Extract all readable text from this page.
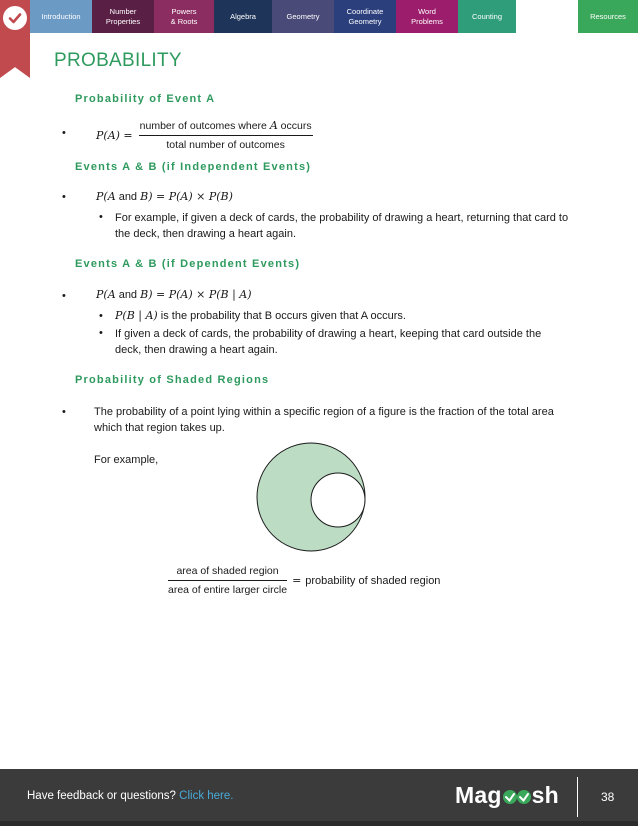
Introduction
Number
Properties
Powers
& Roots
Algebra	Geometry
Coordinate
Geometry
Word
Problems
Counting	Resources
PROBABILITY
Probability of Event A
•	$P(A) = \frac{\text{number of outcomes where A occurs}}{\text{total number of outcomes}}$
Events A & B (if Independent Events)
•	P(A and B) = P(A) × P(B)
• For example, if given a deck of cards, the probability of drawing a heart, returning that card to the deck, then drawing a heart again.
Events A & B (if Dependent Events)
•	P(A and B) = P(A) × P(B | A)
• P(B | A) is the probability that B occurs given that A occurs.
• If given a deck of cards, the probability of drawing a heart, keeping that card outside the deck, then drawing a heart again.
Probability of Shaded Regions
•	The probability of a point lying within a specific region of a figure is the fraction of the total area which that region takes up.
For example,
$\frac{\text{area of shaded region}}{\text{area of entire larger circle}}$ = probability of shaded region
Have feedback or questions? Click here.	Mag sh	38
